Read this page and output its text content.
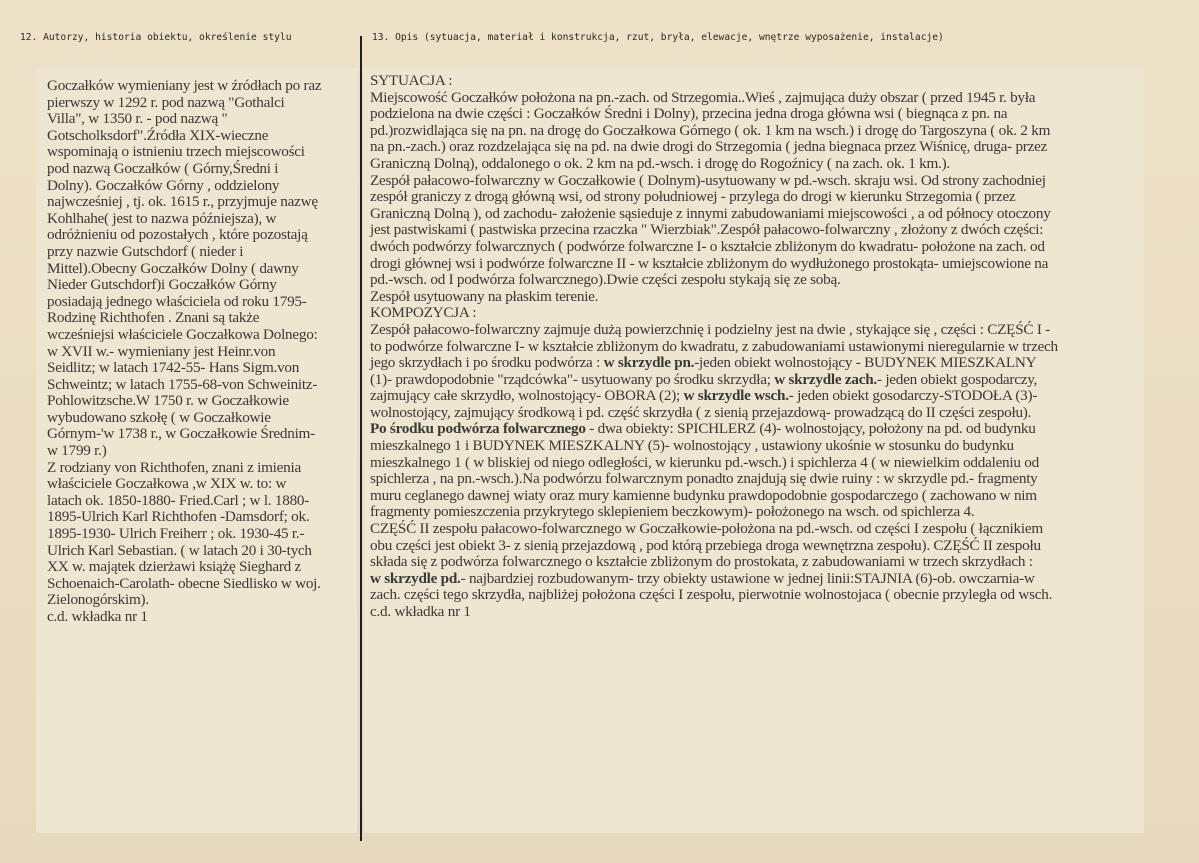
12. Autorzy, historia obiektu, określenie stylu	13. Opis (sytuacja, materiał i konstrukcja, rzut, bryła, elewacje, wnętrze wyposażenie, instalacje)
Goczałków wymieniany jest w źródłach po raz
pierwszy w 1292 r. pod nazwą "Gothalci
Villa", w 1350 r. - pod nazwą "
Gotscholksdorf".Źródła XIX-wieczne
wspominają o istnieniu trzech miejscowości
pod nazwą Goczałków ( Górny,Średni i
Dolny). Goczałków Górny , oddzielony
najwcześniej , tj. ok. 1615 r., przyjmuje nazwę
Kohlhahe( jest to nazwa późniejsza), w
odróżnieniu od pozostałych , które pozostają
przy nazwie Gutschdorf ( nieder i
Mittel).Obecny Goczałków Dolny ( dawny
Nieder Gutschdorf)i Goczałków Górny
posiadają jednego właściciela od roku 1795-
Rodzinę Richthofen . Znani są także
wcześniejsi właściciele Goczałkowa Dolnego:
w XVII w.- wymieniany jest Heinr.von
Seidlitz; w latach 1742-55- Hans Sigm.von
Schweintz; w latach 1755-68-von Schweinitz-
Pohlowitzsche.W 1750 r. w Goczałkowie
wybudowano szkołę ( w Goczałkowie
Górnym-'w 1738 r., w Goczałkowie Średnim-
w 1799 r.)
Z rodziany von Richthofen, znani z imienia
właściciele Goczałkowa ,w XIX w. to: w
latach ok. 1850-1880- Fried.Carl ; w l. 1880-
1895-Ulrich Karl Richthofen -Damsdorf; ok.
1895-1930- Ulrich Freiherr ; ok. 1930-45 r.-
Ulrich Karl Sebastian. ( w latach 20 i 30-tych
XX w. majątek dzierżawi książę Sieghard z
Schoenaich-Carolath- obecne Siedlisko w woj.
Zielonogórskim).
c.d. wkładka nr 1
SYTUACJA :
Miejscowość Goczałków położona na pn.-zach. od Strzegomia..Wieś , zajmująca duży obszar ( przed 1945 r. była
podzielona na dwie części : Goczałków Średni i Dolny), przecina jedna droga główna wsi ( biegnąca z pn. na
pd.)rozwidlająca się na pn. na drogę do Goczałkowa Górnego ( ok. 1 km na wsch.) i drogę do Targoszyna ( ok. 2 km
na pn.-zach.) oraz rozdzelająca się na pd. na dwie drogi do Strzegomia ( jedna biegnaca przez Wiśnicę, druga- przez
Graniczną Dolną), oddalonego o ok. 2 km na pd.-wsch. i drogę do Rogoźnicy ( na zach. ok. 1 km.).
Zespół pałacowo-folwarczny w Goczałkowie ( Dolnym)-usytuowany w pd.-wsch. skraju wsi. Od strony zachodniej
zespół graniczy z drogą główną wsi, od strony południowej - przylega do drogi w kierunku Strzegomia ( przez
Graniczną Dolną ), od zachodu- założenie sąsieduje z innymi zabudowaniami miejscowości , a od północy otoczony
jest pastwiskami ( pastwiska przecina rzaczka " Wierzbiak".Zespół pałacowo-folwarczny , złożony z dwóch części:
dwóch podwórzy folwarcznych ( podwórze folwarczne I- o kształcie zbliżonym do kwadratu- położone na zach. od
drogi głównej wsi i podwórze folwarczne II - w kształcie zbliżonym do wydłużonego prostokąta- umiejscowione na
pd.-wsch. od I podwórza folwarcznego).Dwie części zespołu stykają się ze sobą.
Zespół usytuowany na płaskim terenie.
KOMPOZYCJA :
Zespół pałacowo-folwarczny zajmuje dużą powierzchnię i podzielny jest na dwie , stykające się , części : CZĘŚĆ I -
to podwórze folwarczne I- w kształcie zbliżonym do kwadratu, z zabudowaniami ustawionymi nieregularnie w trzech
jego skrzydłach i po środku podwórza : w skrzydle pn.-jeden obiekt wolnostojący - BUDYNEK MIESZKALNY
(1)- prawdopodobnie "rządcówka"- usytuowany po środku skrzydła; w skrzydle zach.- jeden obiekt gospodarczy,
zajmujący całe skrzydło, wolnostojący- OBORA (2); w skrzydle wsch.- jeden obiekt gosodarczy-STODOŁA (3)-
wolnostojący, zajmujący środkową i pd. część skrzydła ( z sienią przejazdową- prowadzącą do II części zespołu).
Po środku podwórza folwarcznego - dwa obiekty: SPICHLERZ (4)- wolnostojący, położony na pd. od budynku
mieszkalnego 1 i BUDYNEK MIESZKALNY (5)- wolnostojący , ustawiony ukośnie w stosunku do budynku
mieszkalnego 1 ( w bliskiej od niego odległości, w kierunku pd.-wsch.) i spichlerza 4 ( w niewielkim oddaleniu od
spichlerza , na pn.-wsch.).Na podwórzu folwarcznym ponadto znajdują się dwie ruiny : w skrzydle pd.- fragmenty
muru ceglanego dawnej wiaty oraz mury kamienne budynku prawdopodobnie gospodarczego ( zachowano w nim
fragmenty pomieszczenia przykrytego sklepieniem beczkowym)- położonego na wsch. od spichlerza 4.
CZĘŚĆ II zespołu pałacowo-folwarcznego w Goczałkowie-położona na pd.-wsch. od części I zespołu ( łącznikiem
obu części jest obiekt 3- z sienią przejazdową , pod którą przebiega droga wewnętrzna zespołu). CZĘŚĆ II zespołu
składa się z podwórza folwarcznego o kształcie zbliżonym do prostokata, z zabudowaniami w trzech skrzydłach :
w skrzydle pd.- najbardziej rozbudowanym- trzy obiekty ustawione w jednej linii:STAJNIA (6)-ob. owczarnia-w
zach. części tego skrzydła, najbliżej położona części I zespołu, pierwotnie wolnostojaca ( obecnie przyległa od wsch.
c.d. wkładka nr 1
